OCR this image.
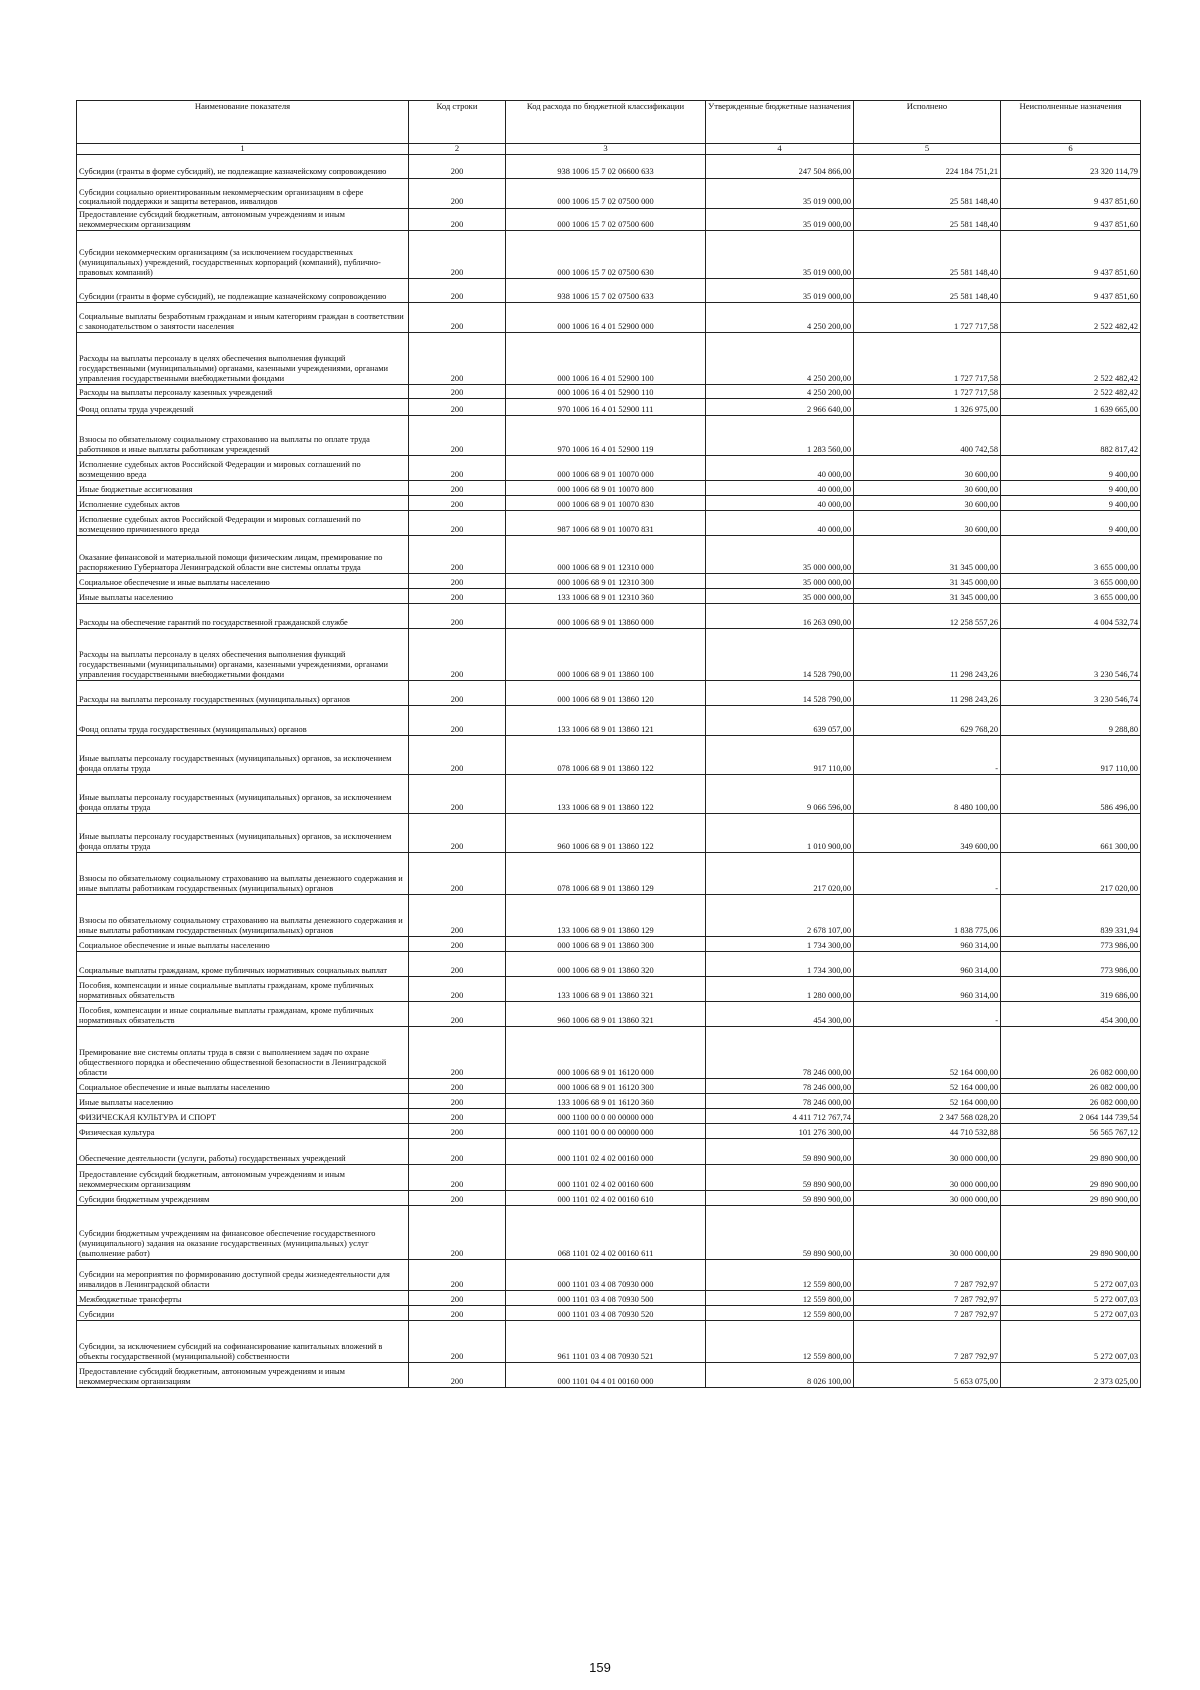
Наименование показателя	Код строки	Код расхода по бюджетной классификации	Утвержденные бюджетные назначения	Исполнено	Неисполненные назначения
1	2	3	4	5	6
Субсидии (гранты в форме субсидий), не подлежащие казначейскому сопровождению	200	938 1006 15 7 02 06600 633	247 504 866,00	224 184 751,21	23 320 114,79
Субсидии социально ориентированным некоммерческим организациям в сфере социальной поддержки и защиты ветеранов, инвалидов	200	000 1006 15 7 02 07500 000	35 019 000,00	25 581 148,40	9 437 851,60
Предоставление субсидий бюджетным, автономным учреждениям и иным некоммерческим организациям	200	000 1006 15 7 02 07500 600	35 019 000,00	25 581 148,40	9 437 851,60
Субсидии некоммерческим организациям (за исключением государственных (муниципальных) учреждений, государственных корпораций (компаний), публично-правовых компаний)	200	000 1006 15 7 02 07500 630	35 019 000,00	25 581 148,40	9 437 851,60
Субсидии (гранты в форме субсидий), не подлежащие казначейскому сопровождению	200	938 1006 15 7 02 07500 633	35 019 000,00	25 581 148,40	9 437 851,60
Социальные выплаты безработным гражданам и иным категориям граждан в соответствии с законодательством о занятости населения	200	000 1006 16 4 01 52900 000	4 250 200,00	1 727 717,58	2 522 482,42
Расходы на выплаты персоналу в целях обеспечения выполнения функций государственными (муниципальными) органами, казенными учреждениями, органами управления государственными внебюджетными фондами	200	000 1006 16 4 01 52900 100	4 250 200,00	1 727 717,58	2 522 482,42
Расходы на выплаты персоналу казенных учреждений	200	000 1006 16 4 01 52900 110	4 250 200,00	1 727 717,58	2 522 482,42
Фонд оплаты труда учреждений	200	970 1006 16 4 01 52900 111	2 966 640,00	1 326 975,00	1 639 665,00
Взносы по обязательному социальному страхованию на выплаты по оплате труда работников и иные выплаты работникам учреждений	200	970 1006 16 4 01 52900 119	1 283 560,00	400 742,58	882 817,42
Исполнение судебных актов Российской Федерации и мировых соглашений по возмещению вреда	200	000 1006 68 9 01 10070 000	40 000,00	30 600,00	9 400,00
Иные бюджетные ассигнования	200	000 1006 68 9 01 10070 800	40 000,00	30 600,00	9 400,00
Исполнение судебных актов	200	000 1006 68 9 01 10070 830	40 000,00	30 600,00	9 400,00
Исполнение судебных актов Российской Федерации и мировых соглашений по возмещению причиненного вреда	200	987 1006 68 9 01 10070 831	40 000,00	30 600,00	9 400,00
Оказание финансовой и материальной помощи физическим лицам, премирование по распоряжению Губернатора Ленинградской области вне системы оплаты труда	200	000 1006 68 9 01 12310 000	35 000 000,00	31 345 000,00	3 655 000,00
Социальное обеспечение и иные выплаты населению	200	000 1006 68 9 01 12310 300	35 000 000,00	31 345 000,00	3 655 000,00
Иные выплаты населению	200	133 1006 68 9 01 12310 360	35 000 000,00	31 345 000,00	3 655 000,00
Расходы на обеспечение гарантий по государственной гражданской службе	200	000 1006 68 9 01 13860 000	16 263 090,00	12 258 557,26	4 004 532,74
Расходы на выплаты персоналу в целях обеспечения выполнения функций государственными (муниципальными) органами, казенными учреждениями, органами управления государственными внебюджетными фондами	200	000 1006 68 9 01 13860 100	14 528 790,00	11 298 243,26	3 230 546,74
Расходы на выплаты персоналу государственных (муниципальных) органов	200	000 1006 68 9 01 13860 120	14 528 790,00	11 298 243,26	3 230 546,74
Фонд оплаты труда государственных (муниципальных) органов	200	133 1006 68 9 01 13860 121	639 057,00	629 768,20	9 288,80
Иные выплаты персоналу государственных (муниципальных) органов, за исключением фонда оплаты труда	200	078 1006 68 9 01 13860 122	917 110,00	-	917 110,00
Иные выплаты персоналу государственных (муниципальных) органов, за исключением фонда оплаты труда	200	133 1006 68 9 01 13860 122	9 066 596,00	8 480 100,00	586 496,00
Иные выплаты персоналу государственных (муниципальных) органов, за исключением фонда оплаты труда	200	960 1006 68 9 01 13860 122	1 010 900,00	349 600,00	661 300,00
Взносы по обязательному социальному страхованию на выплаты денежного содержания и иные выплаты работникам государственных (муниципальных) органов	200	078 1006 68 9 01 13860 129	217 020,00	-	217 020,00
Взносы по обязательному социальному страхованию на выплаты денежного содержания и иные выплаты работникам государственных (муниципальных) органов	200	133 1006 68 9 01 13860 129	2 678 107,00	1 838 775,06	839 331,94
Социальное обеспечение и иные выплаты населению	200	000 1006 68 9 01 13860 300	1 734 300,00	960 314,00	773 986,00
Социальные выплаты гражданам, кроме публичных нормативных социальных выплат	200	000 1006 68 9 01 13860 320	1 734 300,00	960 314,00	773 986,00
Пособия, компенсации и иные социальные выплаты гражданам, кроме публичных нормативных обязательств	200	133 1006 68 9 01 13860 321	1 280 000,00	960 314,00	319 686,00
Пособия, компенсации и иные социальные выплаты гражданам, кроме публичных нормативных обязательств	200	960 1006 68 9 01 13860 321	454 300,00	-	454 300,00
Премирование вне системы оплаты труда в связи с выполнением задач по охране общественного порядка и обеспечению общественной безопасности в Ленинградской области	200	000 1006 68 9 01 16120 000	78 246 000,00	52 164 000,00	26 082 000,00
Социальное обеспечение и иные выплаты населению	200	000 1006 68 9 01 16120 300	78 246 000,00	52 164 000,00	26 082 000,00
Иные выплаты населению	200	133 1006 68 9 01 16120 360	78 246 000,00	52 164 000,00	26 082 000,00
ФИЗИЧЕСКАЯ КУЛЬТУРА И СПОРТ	200	000 1100 00 0 00 00000 000	4 411 712 767,74	2 347 568 028,20	2 064 144 739,54
Физическая культура	200	000 1101 00 0 00 00000 000	101 276 300,00	44 710 532,88	56 565 767,12
Обеспечение деятельности (услуги, работы) государственных учреждений	200	000 1101 02 4 02 00160 000	59 890 900,00	30 000 000,00	29 890 900,00
Предоставление субсидий бюджетным, автономным учреждениям и иным некоммерческим организациям	200	000 1101 02 4 02 00160 600	59 890 900,00	30 000 000,00	29 890 900,00
Субсидии бюджетным учреждениям	200	000 1101 02 4 02 00160 610	59 890 900,00	30 000 000,00	29 890 900,00
Субсидии бюджетным учреждениям на финансовое обеспечение государственного (муниципального) задания на оказание государственных (муниципальных) услуг (выполнение работ)	200	068 1101 02 4 02 00160 611	59 890 900,00	30 000 000,00	29 890 900,00
Субсидии на мероприятия по формированию доступной среды жизнедеятельности для инвалидов в Ленинградской области	200	000 1101 03 4 08 70930 000	12 559 800,00	7 287 792,97	5 272 007,03
Межбюджетные трансферты	200	000 1101 03 4 08 70930 500	12 559 800,00	7 287 792,97	5 272 007,03
Субсидии	200	000 1101 03 4 08 70930 520	12 559 800,00	7 287 792,97	5 272 007,03
Субсидии, за исключением субсидий на софинансирование капитальных вложений в объекты государственной (муниципальной) собственности	200	961 1101 03 4 08 70930 521	12 559 800,00	7 287 792,97	5 272 007,03
Предоставление субсидий бюджетным, автономным учреждениям и иным некоммерческим организациям	200	000 1101 04 4 01 00160 000	8 026 100,00	5 653 075,00	2 373 025,00
159
